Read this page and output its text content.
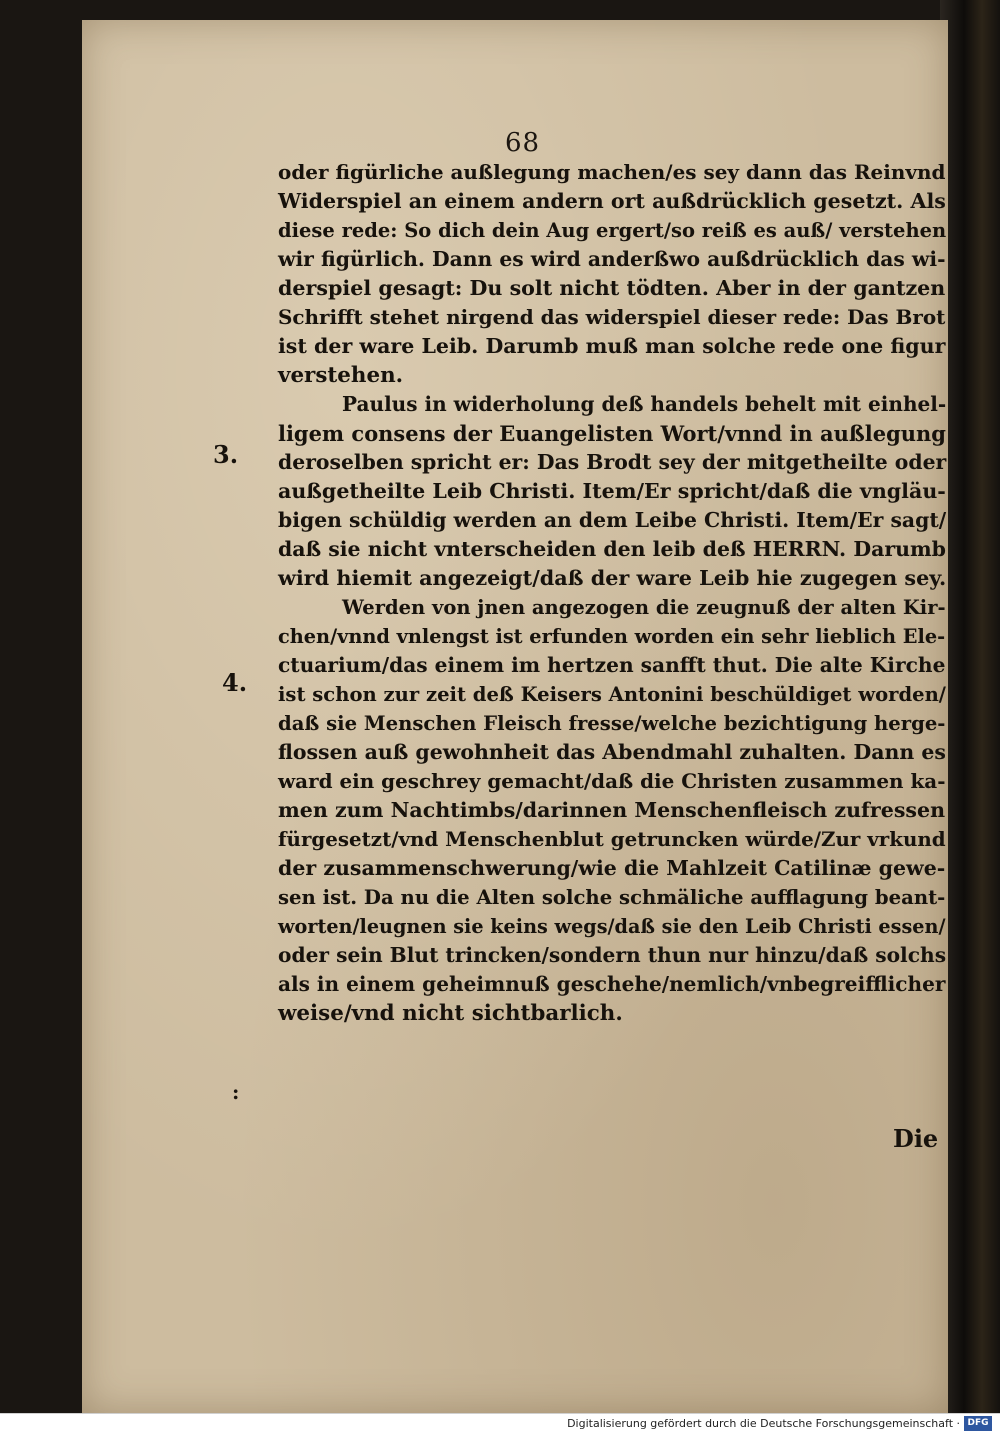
68
3.
4.
:
oder figürliche außlegung machen/es sey dann das Reinvnd
Widerspiel an einem andern ort außdrücklich gesetzt. Als
diese rede: So dich dein Aug ergert/so reiß es auß/ verstehen
wir figürlich. Dann es wird anderßwo außdrücklich das wi-
derspiel gesagt: Du solt nicht tödten. Aber in der gantzen
Schrifft stehet nirgend das widerspiel dieser rede: Das Brot
ist der ware Leib. Darumb muß man solche rede one figur
verstehen.
Paulus in widerholung deß handels behelt mit einhel-
ligem consens der Euangelisten Wort/vnnd in außlegung
deroselben spricht er: Das Brodt sey der mitgetheilte oder
außgetheilte Leib Christi. Item/Er spricht/daß die vngläu-
bigen schüldig werden an dem Leibe Christi. Item/Er sagt/
daß sie nicht vnterscheiden den leib deß HERRN. Darumb
wird hiemit angezeigt/daß der ware Leib hie zugegen sey.
Werden von jnen angezogen die zeugnuß der alten Kir-
chen/vnnd vnlengst ist erfunden worden ein sehr lieblich Ele-
ctuarium/das einem im hertzen sanfft thut. Die alte Kirche
ist schon zur zeit deß Keisers Antonini beschüldiget worden/
daß sie Menschen Fleisch fresse/welche bezichtigung herge-
flossen auß gewohnheit das Abendmahl zuhalten. Dann es
ward ein geschrey gemacht/daß die Christen zusammen ka-
men zum Nachtimbs/darinnen Menschenfleisch zufressen
fürgesetzt/vnd Menschenblut getruncken würde/Zur vrkund
der zusammenschwerung/wie die Mahlzeit Catilinæ gewe-
sen ist. Da nu die Alten solche schmäliche aufflagung beant-
worten/leugnen sie keins wegs/daß sie den Leib Christi essen/
oder sein Blut trincken/sondern thun nur hinzu/daß solchs
als in einem geheimnuß geschehe/nemlich/vnbegreifflicher
weise/vnd nicht sichtbarlich.
Die
Digitalisierung gefördert durch die Deutsche Forschungsgemeinschaft · DFG
